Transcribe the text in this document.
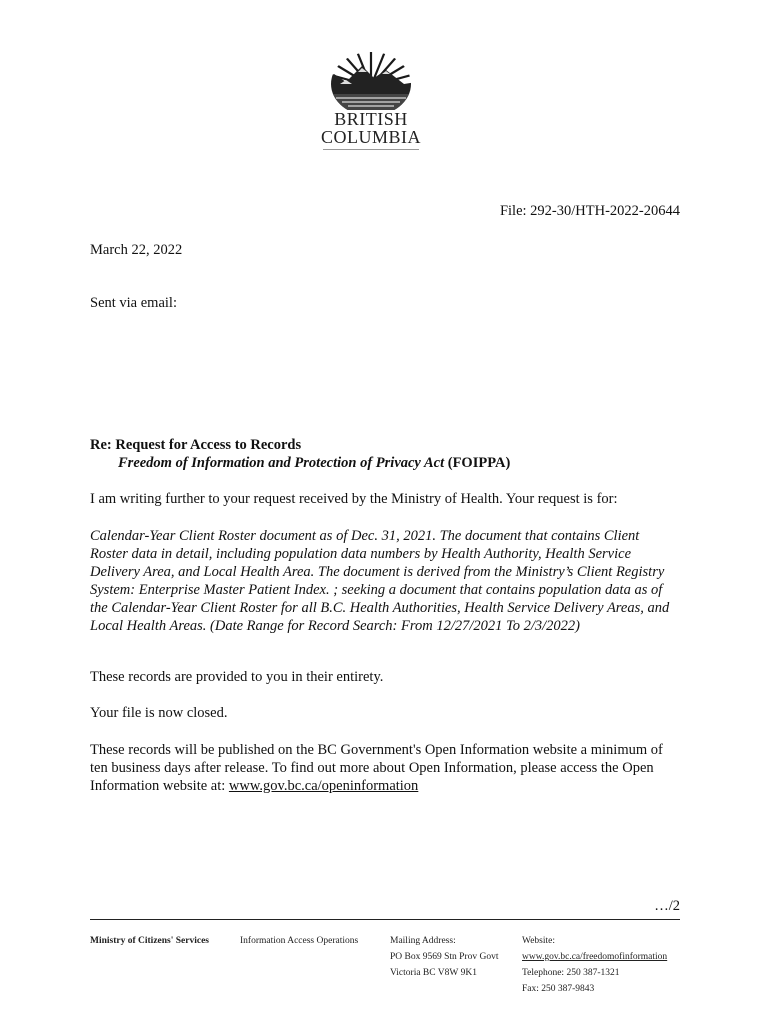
BRITISH
COLUMBIA
File: 292-30/HTH-2022-20644
March 22, 2022
Sent via email:
Re: Request for Access to Records
Freedom of Information and Protection of Privacy Act (FOIPPA)

I am writing further to your request received by the Ministry of Health. Your request is for:

Calendar-Year Client Roster document as of Dec. 31, 2021. The document that contains Client Roster data in detail, including population data numbers by Health Authority, Health Service Delivery Area, and Local Health Area. The document is derived from the Ministry’s Client Registry System: Enterprise Master Patient Index. ; seeking a document that contains population data as of the Calendar-Year Client Roster for all B.C. Health Authorities, Health Service Delivery Areas, and Local Health Areas. (Date Range for Record Search: From 12/27/2021 To 2/3/2022)

These records are provided to you in their entirety.

Your file is now closed.

These records will be published on the BC Government's Open Information website a minimum of ten business days after release. To find out more about Open Information, please access the Open Information website at: www.gov.bc.ca/openinformation

…/2
Ministry of Citizens' Services	Information Access Operations	Mailing Address:
PO Box 9569 Stn Prov Govt
Victoria BC V8W 9K1
Website:
www.gov.bc.ca/freedomofinformation
Telephone: 250 387-1321
Fax: 250 387-9843
